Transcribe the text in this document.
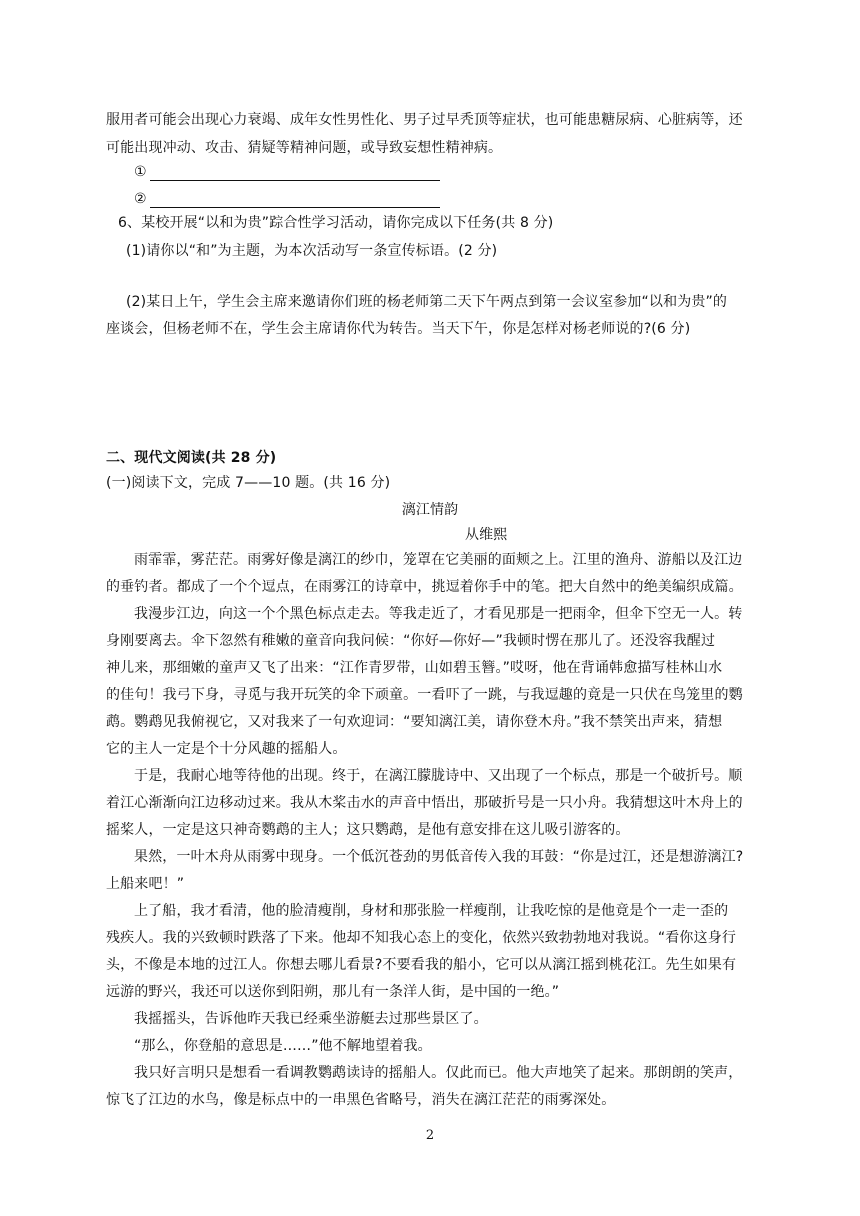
服用者可能会出现心力衰竭、成年女性男性化、男子过早秃顶等症状，也可能患糖尿病、心脏病等，还
可能出现冲动、攻击、猜疑等精神问题，或导致妄想性精神病。
①
②
6、某校开展“以和为贵”踪合性学习活动，请你完成以下任务(共 8 分)
(1)请你以“和”为主题，为本次活动写一条宣传标语。(2 分)
(2)某日上午，学生会主席来邀请你们班的杨老师第二天下午两点到第一会议室参加“以和为贵”的
座谈会，但杨老师不在，学生会主席请你代为转告。当天下午，你是怎样对杨老师说的?(6 分)
二、现代文阅读(共 28 分)
(一)阅读下文，完成 7——10 题。(共 16 分)
漓江情韵
从维熙
雨霏霏，雾茫茫。雨雾好像是漓江的纱巾，笼罩在它美丽的面颊之上。江里的渔舟、游船以及江边
的垂钓者。都成了一个个逗点，在雨雾江的诗章中，挑逗着你手中的笔。把大自然中的绝美编织成篇。
我漫步江边，向这一个个黑色标点走去。等我走近了，才看见那是一把雨伞，但伞下空无一人。转
身刚要离去。伞下忽然有稚嫩的童音向我问候：“你好—你好—”我顿时愣在那儿了。还没容我醒过
神儿来，那细嫩的童声又飞了出来：“江作青罗带，山如碧玉簪。”哎呀，他在背诵韩愈描写桂林山水
的佳句！我弓下身，寻觅与我开玩笑的伞下顽童。一看吓了一跳，与我逗趣的竟是一只伏在鸟笼里的鹦
鹉。鹦鹉见我俯视它，又对我来了一句欢迎词：“要知漓江美，请你登木舟。”我不禁笑出声来，猜想
它的主人一定是个十分风趣的摇船人。
于是，我耐心地等待他的出现。终于，在漓江朦胧诗中、又出现了一个标点，那是一个破折号。顺
着江心渐渐向江边移动过来。我从木桨击水的声音中悟出，那破折号是一只小舟。我猜想这叶木舟上的
摇桨人，一定是这只神奇鹦鹉的主人；这只鹦鹉，是他有意安排在这儿吸引游客的。
果然，一叶木舟从雨雾中现身。一个低沉苍劲的男低音传入我的耳鼓：“你是过江，还是想游漓江?
上船来吧！”
上了船，我才看清，他的脸清瘦削，身材和那张脸一样瘦削，让我吃惊的是他竟是个一走一歪的
残疾人。我的兴致顿时跌落了下来。他却不知我心态上的变化，依然兴致勃勃地对我说。“看你这身行
头，不像是本地的过江人。你想去哪儿看景?不要看我的船小，它可以从漓江摇到桃花江。先生如果有
远游的野兴，我还可以送你到阳朔，那儿有一条洋人街，是中国的一绝。”
我摇摇头，告诉他昨天我已经乘坐游艇去过那些景区了。
“那么，你登船的意思是……”他不解地望着我。
我只好言明只是想看一看调教鹦鹉读诗的摇船人。仅此而已。他大声地笑了起来。那朗朗的笑声，
惊飞了江边的水鸟，像是标点中的一串黑色省略号，消失在漓江茫茫的雨雾深处。
2
